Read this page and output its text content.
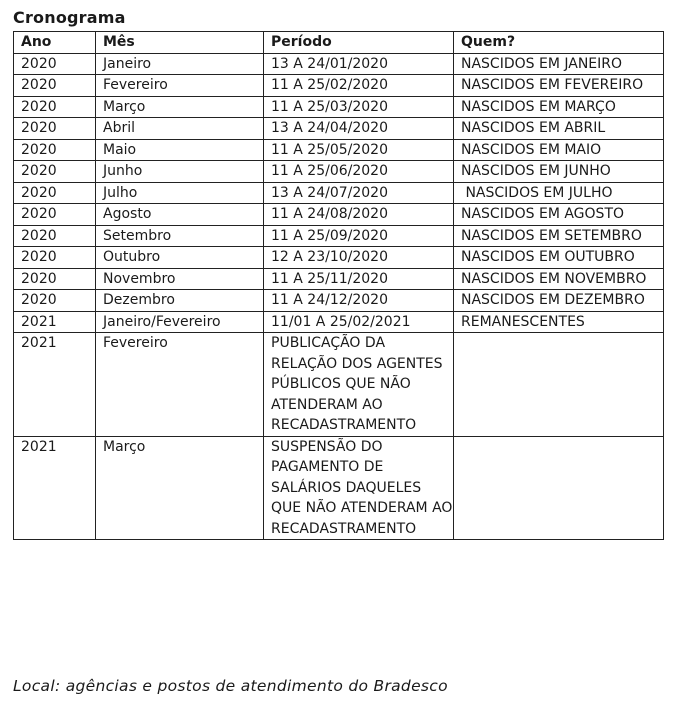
Cronograma
Ano	Mês	Período	Quem?
2020	Janeiro	13 A 24/01/2020	NASCIDOS EM JANEIRO
2020	Fevereiro	11 A 25/02/2020	NASCIDOS EM FEVEREIRO
2020	Março	11 A 25/03/2020	NASCIDOS EM MARÇO
2020	Abril	13 A 24/04/2020	NASCIDOS EM ABRIL
2020	Maio	11 A 25/05/2020	NASCIDOS EM MAIO
2020	Junho	11 A 25/06/2020	NASCIDOS EM JUNHO
2020	Julho	13 A 24/07/2020	NASCIDOS EM JULHO
2020	Agosto	11 A 24/08/2020	NASCIDOS EM AGOSTO
2020	Setembro	11 A 25/09/2020	NASCIDOS EM SETEMBRO
2020	Outubro	12 A 23/10/2020	NASCIDOS EM OUTUBRO
2020	Novembro	11 A 25/11/2020	NASCIDOS EM NOVEMBRO
2020	Dezembro	11 A 24/12/2020	NASCIDOS EM DEZEMBRO
2021	Janeiro/Fevereiro	11/01 A 25/02/2021	REMANESCENTES
2021	Fevereiro	PUBLICAÇÃO DA RELAÇÃO DOS AGENTES PÚBLICOS QUE NÃO ATENDERAM AO RECADASTRAMENTO	
2021	Março	SUSPENSÃO DO PAGAMENTO DE SALÁRIOS DAQUELES QUE NÃO ATENDERAM AO RECADASTRAMENTO	
Local: agências e postos de atendimento do Bradesco
